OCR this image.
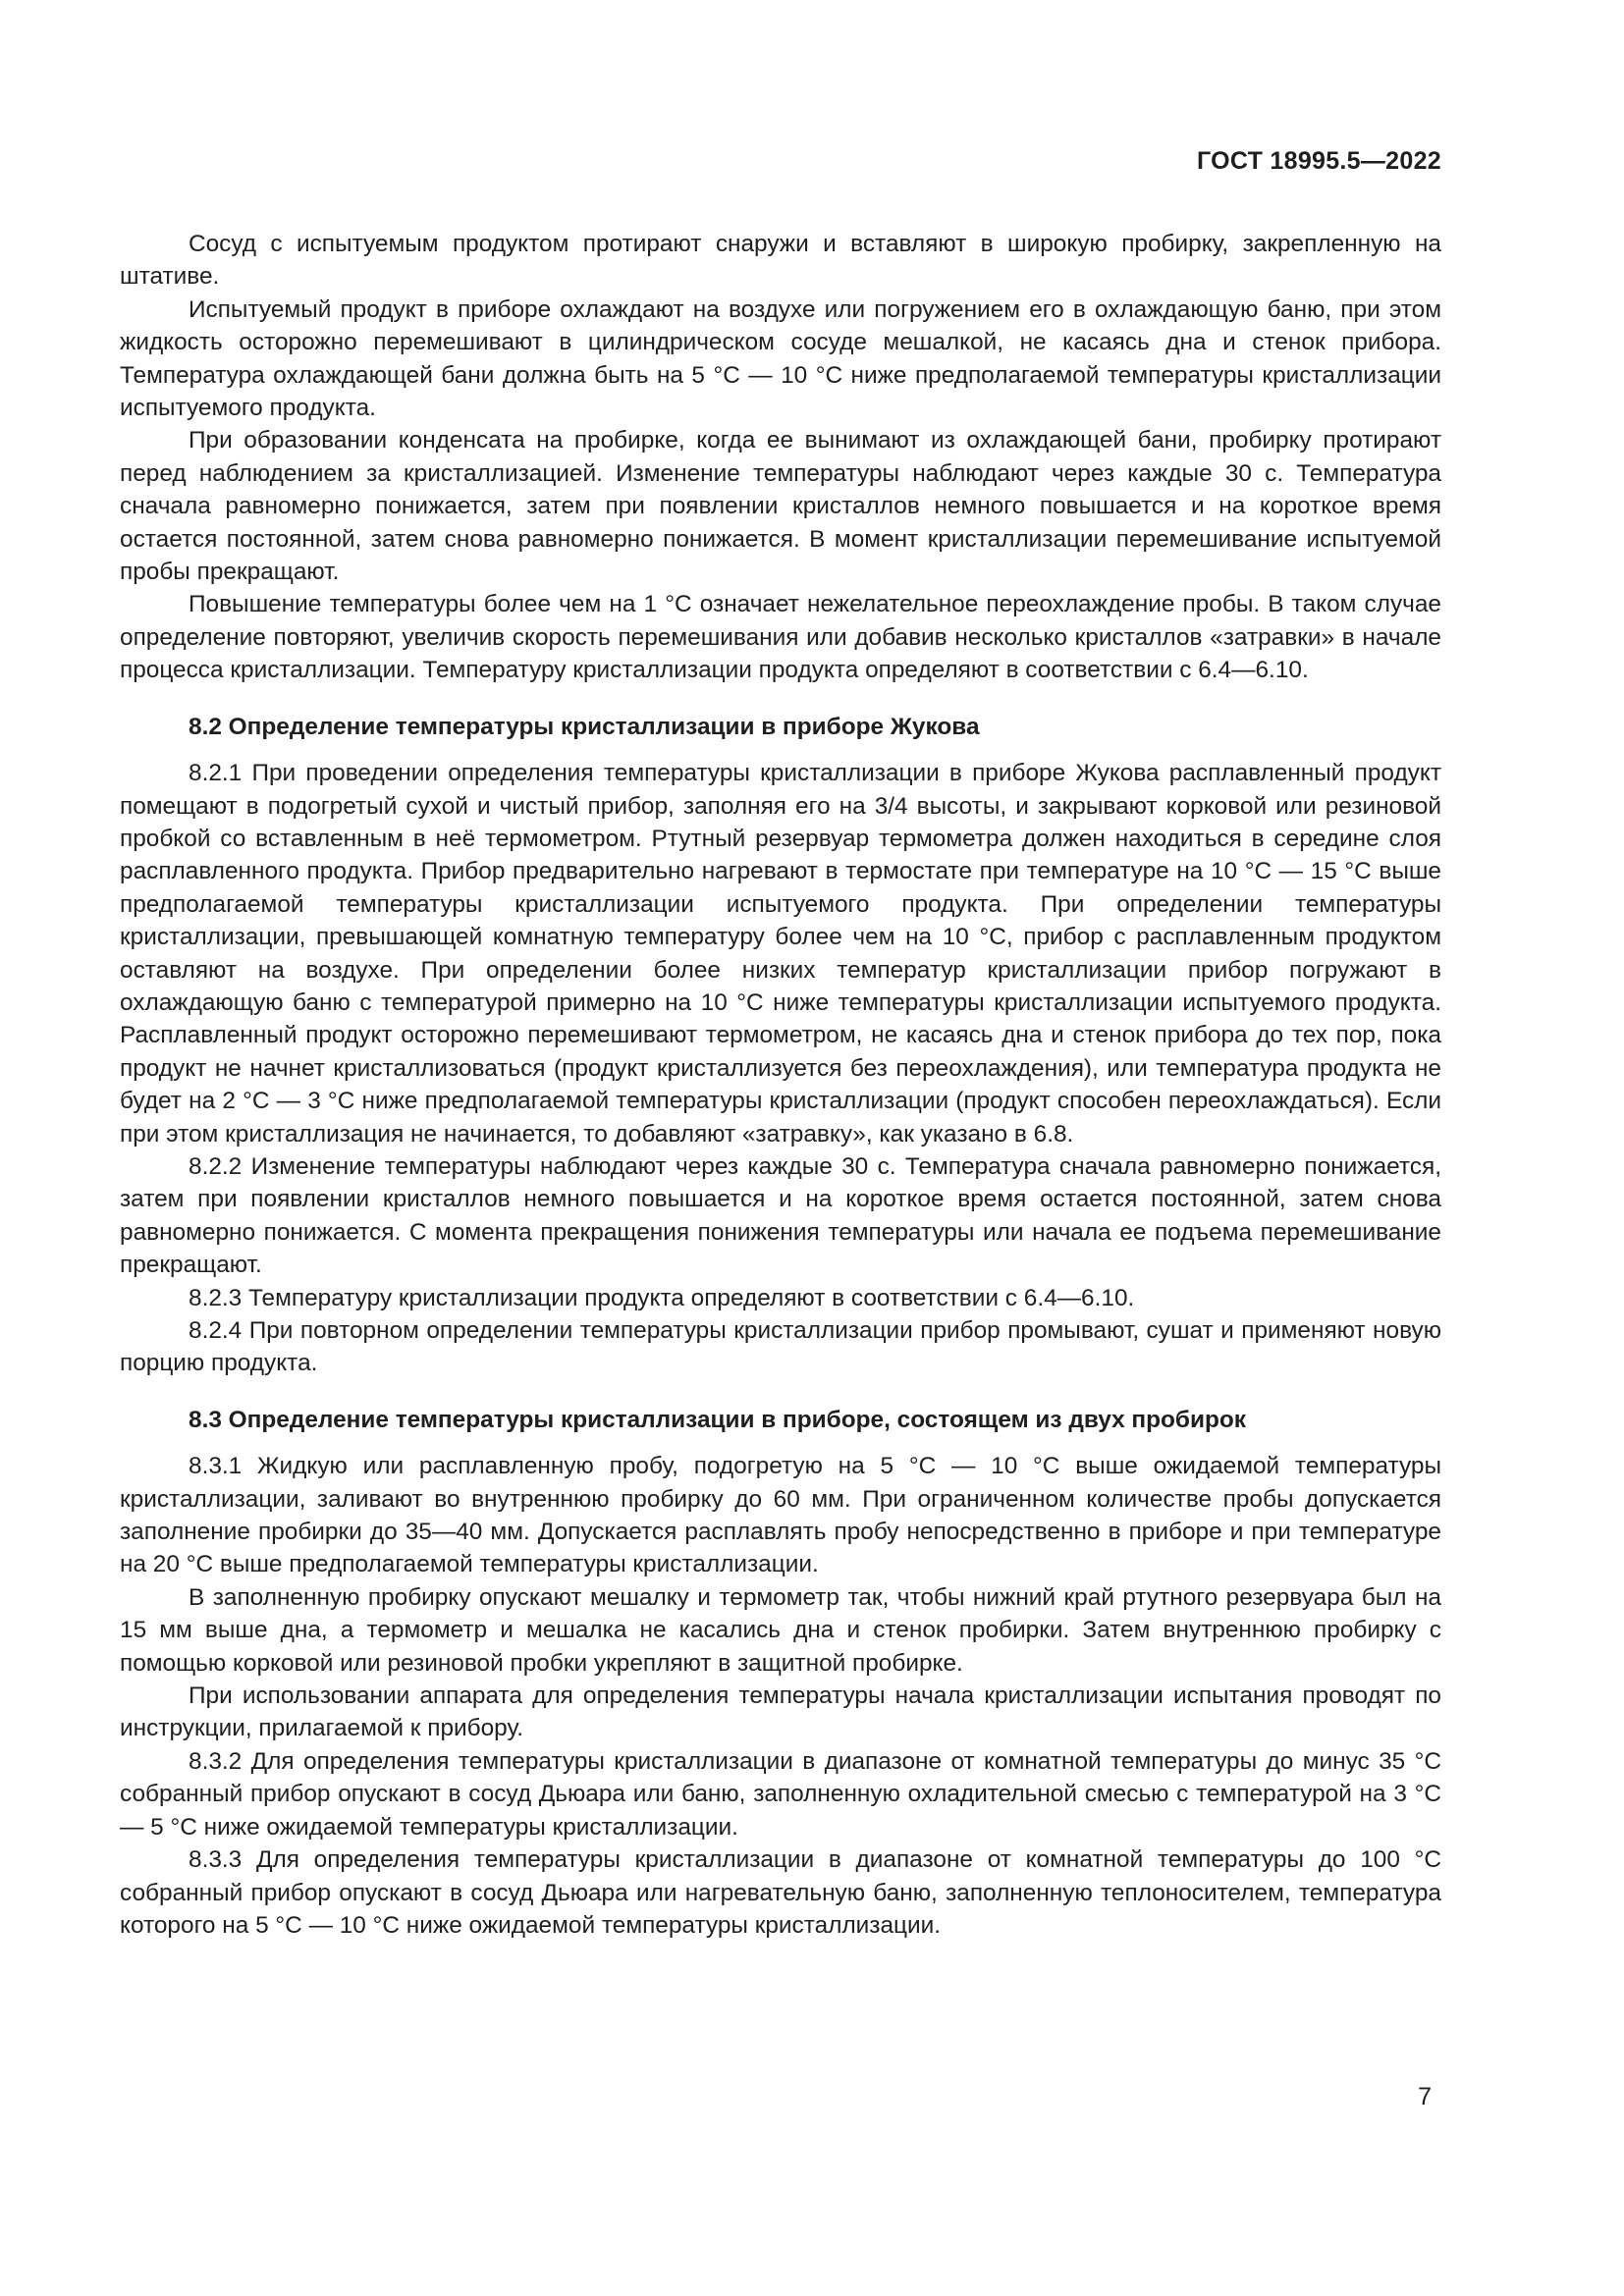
ГОСТ 18995.5—2022

Сосуд с испытуемым продуктом протирают снаружи и вставляют в широкую пробирку, закрепленную на штативе.

Испытуемый продукт в приборе охлаждают на воздухе или погружением его в охлаждающую баню, при этом жидкость осторожно перемешивают в цилиндрическом сосуде мешалкой, не касаясь дна и стенок прибора. Температура охлаждающей бани должна быть на 5 °С — 10 °С ниже предполагаемой температуры кристаллизации испытуемого продукта.

При образовании конденсата на пробирке, когда ее вынимают из охлаждающей бани, пробирку протирают перед наблюдением за кристаллизацией. Изменение температуры наблюдают через каждые 30 с. Температура сначала равномерно понижается, затем при появлении кристаллов немного повышается и на короткое время остается постоянной, затем снова равномерно понижается. В момент кристаллизации перемешивание испытуемой пробы прекращают.

Повышение температуры более чем на 1 °С означает нежелательное переохлаждение пробы. В таком случае определение повторяют, увеличив скорость перемешивания или добавив несколько кристаллов «затравки» в начале процесса кристаллизации. Температуру кристаллизации продукта определяют в соответствии с 6.4—6.10.

8.2 Определение температуры кристаллизации в приборе Жукова

8.2.1 При проведении определения температуры кристаллизации в приборе Жукова расплавленный продукт помещают в подогретый сухой и чистый прибор, заполняя его на 3/4 высоты, и закрывают корковой или резиновой пробкой со вставленным в неё термометром. Ртутный резервуар термометра должен находиться в середине слоя расплавленного продукта. Прибор предварительно нагревают в термостате при температуре на 10 °С — 15 °С выше предполагаемой температуры кристаллизации испытуемого продукта. При определении температуры кристаллизации, превышающей комнатную температуру более чем на 10 °С, прибор с расплавленным продуктом оставляют на воздухе. При определении более низких температур кристаллизации прибор погружают в охлаждающую баню с температурой примерно на 10 °С ниже температуры кристаллизации испытуемого продукта. Расплавленный продукт осторожно перемешивают термометром, не касаясь дна и стенок прибора до тех пор, пока продукт не начнет кристаллизоваться (продукт кристаллизуется без переохлаждения), или температура продукта не будет на 2 °С — 3 °С ниже предполагаемой температуры кристаллизации (продукт способен переохлаждаться). Если при этом кристаллизация не начинается, то добавляют «затравку», как указано в 6.8.

8.2.2 Изменение температуры наблюдают через каждые 30 с. Температура сначала равномерно понижается, затем при появлении кристаллов немного повышается и на короткое время остается постоянной, затем снова равномерно понижается. С момента прекращения понижения температуры или начала ее подъема перемешивание прекращают.

8.2.3 Температуру кристаллизации продукта определяют в соответствии с 6.4—6.10.

8.2.4 При повторном определении температуры кристаллизации прибор промывают, сушат и применяют новую порцию продукта.

8.3 Определение температуры кристаллизации в приборе, состоящем из двух пробирок

8.3.1 Жидкую или расплавленную пробу, подогретую на 5 °С — 10 °С выше ожидаемой температуры кристаллизации, заливают во внутреннюю пробирку до 60 мм. При ограниченном количестве пробы допускается заполнение пробирки до 35—40 мм. Допускается расплавлять пробу непосредственно в приборе и при температуре на 20 °С выше предполагаемой температуры кристаллизации.

В заполненную пробирку опускают мешалку и термометр так, чтобы нижний край ртутного резервуара был на 15 мм выше дна, а термометр и мешалка не касались дна и стенок пробирки. Затем внутреннюю пробирку с помощью корковой или резиновой пробки укрепляют в защитной пробирке.

При использовании аппарата для определения температуры начала кристаллизации испытания проводят по инструкции, прилагаемой к прибору.

8.3.2 Для определения температуры кристаллизации в диапазоне от комнатной температуры до минус 35 °С собранный прибор опускают в сосуд Дьюара или баню, заполненную охладительной смесью с температурой на 3 °С — 5 °С ниже ожидаемой температуры кристаллизации.

8.3.3 Для определения температуры кристаллизации в диапазоне от комнатной температуры до 100 °С собранный прибор опускают в сосуд Дьюара или нагревательную баню, заполненную теплоносителем, температура которого на 5 °С — 10 °С ниже ожидаемой температуры кристаллизации.

7
